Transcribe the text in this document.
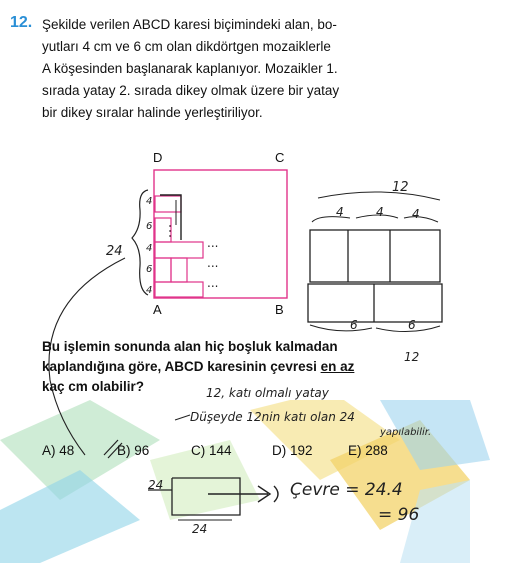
12. Şekilde verilen ABCD karesi biçimindeki alan, bo-
yutları 4 cm ve 6 cm olan dikdörtgen mozaiklerle
A köşesinden başlanarak kaplanıyor. Mozaikler 1.
sırada yatay 2. sırada dikey olmak üzere bir yatay
bir dikey sıralar halinde yerleştiriliyor.
D	C
A	B
...
...
...
4
6
4
6
4
24
12
4	4 4
6	6
12
Bu işlemin sonunda alan hiç boşluk kalmadan
kaplandığına göre, ABCD karesinin çevresi en az
kaç cm olabilir?	12, katı olmalı yatay
Düşeyde 12nin katı olan 24
yapılabilir.
A) 48	B) 96	C) 144	D) 192	E) 288
24
24
Çevre = 24.4
= 96
